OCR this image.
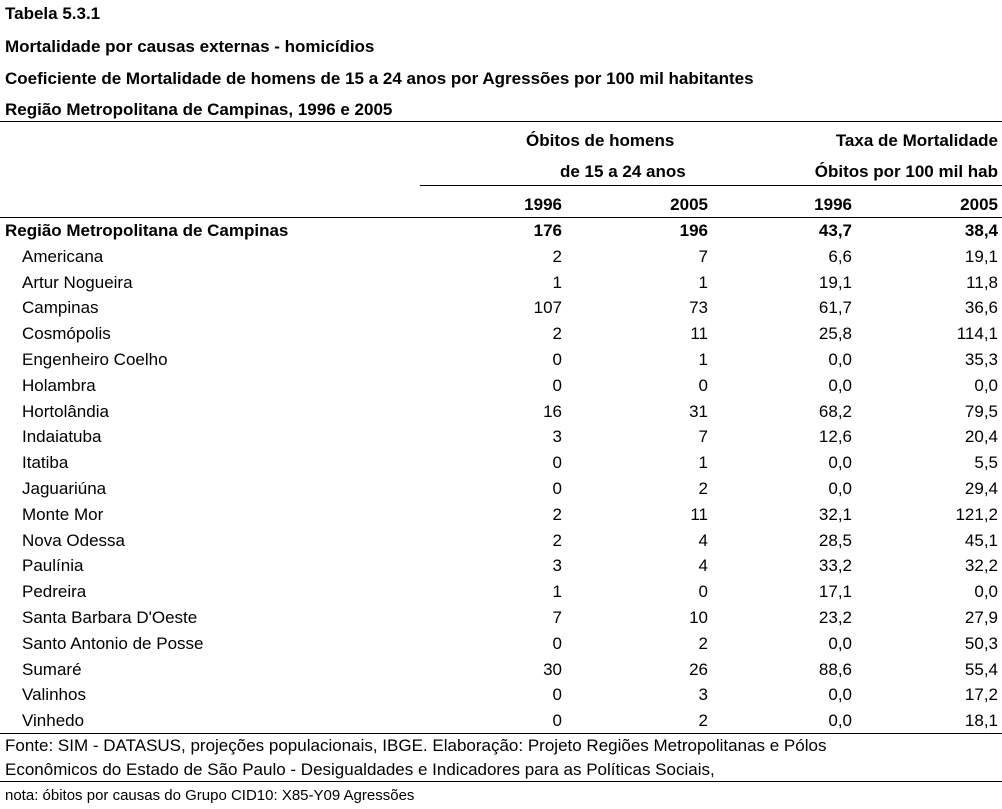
Tabela 5.3.1
Mortalidade por causas externas - homicídios
Coeficiente de Mortalidade de homens de 15 a 24 anos por Agressões por 100 mil habitantes
Região Metropolitana de Campinas, 1996 e 2005
Óbitos de homens
de 15 a 24 anos
Taxa de Mortalidade
Óbitos por 100 mil hab
1996	2005	1996	2005
Região Metropolitana de Campinas	176	196	43,7	38,4
Americana	2	7	6,6	19,1
Artur Nogueira	1	1	19,1	11,8
Campinas	107	73	61,7	36,6
Cosmópolis	2	11	25,8	114,1
Engenheiro Coelho	0	1	0,0	35,3
Holambra	0	0	0,0	0,0
Hortolândia	16	31	68,2	79,5
Indaiatuba	3	7	12,6	20,4
Itatiba	0	1	0,0	5,5
Jaguariúna	0	2	0,0	29,4
Monte Mor	2	11	32,1	121,2
Nova Odessa	2	4	28,5	45,1
Paulínia	3	4	33,2	32,2
Pedreira	1	0	17,1	0,0
Santa Barbara D'Oeste	7	10	23,2	27,9
Santo Antonio de Posse	0	2	0,0	50,3
Sumaré	30	26	88,6	55,4
Valinhos	0	3	0,0	17,2
Vinhedo	0	2	0,0	18,1
Fonte: SIM - DATASUS, projeções populacionais, IBGE. Elaboração: Projeto Regiões Metropolitanas e Pólos
Econômicos do Estado de São Paulo - Desigualdades e Indicadores para as Políticas Sociais,
nota: óbitos por causas do Grupo CID10: X85-Y09 Agressões
